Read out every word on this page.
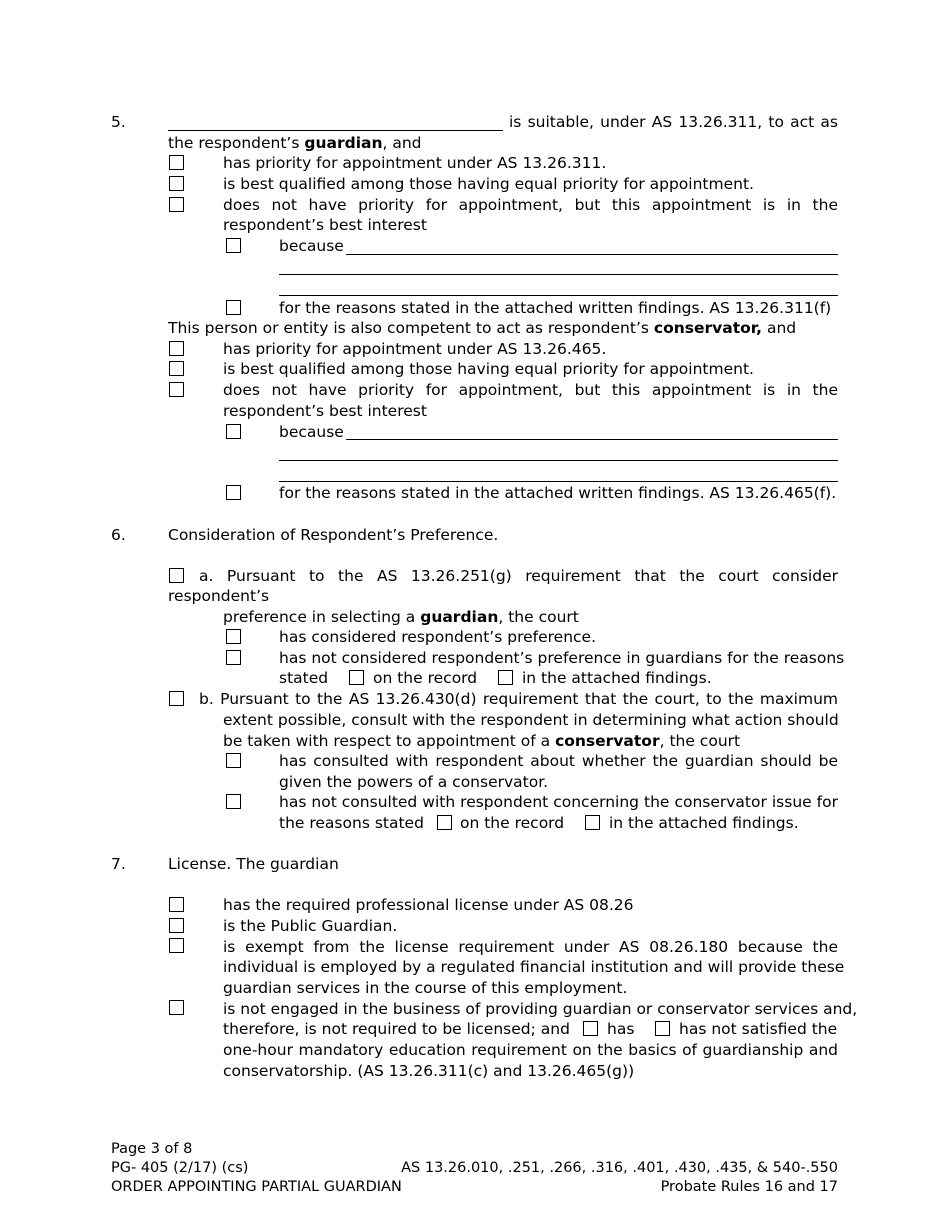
5.	is suitable, under AS 13.26.311, to act as
the respondent’s guardian, and
has priority for appointment under AS 13.26.311.
is best qualified among those having equal priority for appointment.
does not have priority for appointment, but this appointment is in the
respondent’s best interest
because
for the reasons stated in the attached written findings. AS 13.26.311(f)
This person or entity is also competent to act as respondent’s conservator, and
has priority for appointment under AS 13.26.465.
is best qualified among those having equal priority for appointment.
does not have priority for appointment, but this appointment is in the
respondent’s best interest
because
for the reasons stated in the attached written findings. AS 13.26.465(f).
6.	Consideration of Respondent’s Preference.
a. Pursuant to the AS 13.26.251(g) requirement that the court consider
respondent’s
preference in selecting a guardian, the court
has considered respondent’s preference.
has not considered respondent’s preference in guardians for the reasons
stated	on the record	in the attached findings.
b. Pursuant to the AS 13.26.430(d) requirement that the court, to the maximum
extent possible, consult with the respondent in determining what action should
be taken with respect to appointment of a conservator, the court
has consulted with respondent about whether the guardian should be
given the powers of a conservator.
has not consulted with respondent concerning the conservator issue for
the reasons stated on the record	in the attached findings.
7.	License. The guardian
has the required professional license under AS 08.26
is the Public Guardian.
is exempt from the license requirement under AS 08.26.180 because the
individual is employed by a regulated financial institution and will provide these
guardian services in the course of this employment.
is not engaged in the business of providing guardian or conservator services and,
therefore, is not required to be licensed; and has	has not satisfied the
one-hour mandatory education requirement on the basics of guardianship and
conservatorship. (AS 13.26.311(c) and 13.26.465(g))
Page 3 of 8
PG- 405 (2/17) (cs)
ORDER APPOINTING PARTIAL GUARDIAN
AS 13.26.010, .251, .266, .316, .401, .430, .435, & 540-.550
Probate Rules 16 and 17
